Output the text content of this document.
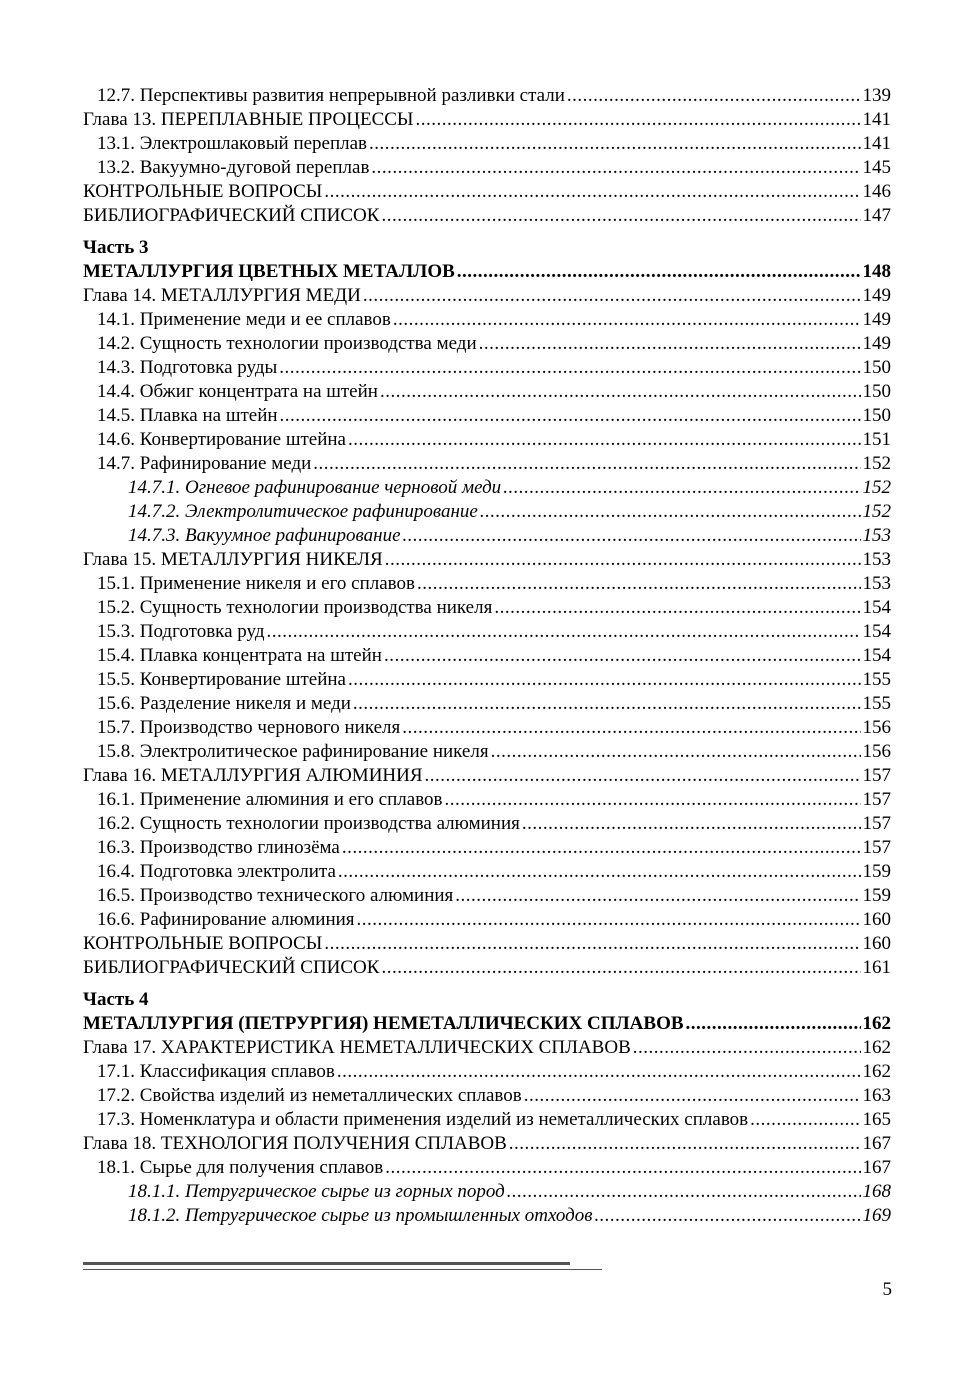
12.7. Перспективы развития непрерывной разливки стали .....	139
Глава 13. ПЕРЕПЛАВНЫЕ ПРОЦЕССЫ .....	141
13.1. Электрошлаковый переплав .....	141
13.2. Вакуумно-дуговой переплав .....	145
КОНТРОЛЬНЫЕ ВОПРОСЫ .....	146
БИБЛИОГРАФИЧЕСКИЙ СПИСОК .....	147
Часть 3
МЕТАЛЛУРГИЯ ЦВЕТНЫХ МЕТАЛЛОВ .....	148
Глава 14. МЕТАЛЛУРГИЯ МЕДИ .....	149
14.1. Применение меди и ее сплавов .....	149
14.2. Сущность технологии производства меди .....	149
14.3. Подготовка руды .....	150
14.4. Обжиг концентрата на штейн .....	150
14.5. Плавка на штейн .....	150
14.6. Конвертирование штейна .....	151
14.7. Рафинирование меди .....	152
14.7.1. Огневое рафинирование черновой меди .....	152
14.7.2. Электролитическое рафинирование .....	152
14.7.3. Вакуумное рафинирование .....	153
Глава 15. МЕТАЛЛУРГИЯ НИКЕЛЯ .....	153
15.1. Применение никеля и его сплавов .....	153
15.2. Сущность технологии производства никеля .....	154
15.3. Подготовка руд .....	154
15.4. Плавка концентрата на штейн .....	154
15.5. Конвертирование штейна .....	155
15.6. Разделение никеля и меди .....	155
15.7. Производство чернового никеля .....	156
15.8. Электролитическое рафинирование никеля .....	156
Глава 16. МЕТАЛЛУРГИЯ АЛЮМИНИЯ .....	157
16.1. Применение алюминия и его сплавов .....	157
16.2. Сущность технологии производства алюминия .....	157
16.3. Производство глинозёма .....	157
16.4. Подготовка электролита .....	159
16.5. Производство технического алюминия .....	159
16.6. Рафинирование алюминия .....	160
КОНТРОЛЬНЫЕ ВОПРОСЫ .....	160
БИБЛИОГРАФИЧЕСКИЙ СПИСОК .....	161
Часть 4
МЕТАЛЛУРГИЯ (ПЕТРУРГИЯ) НЕМЕТАЛЛИЧЕСКИХ СПЛАВОВ .....	162
Глава 17. ХАРАКТЕРИСТИКА НЕМЕТАЛЛИЧЕСКИХ СПЛАВОВ .....	162
17.1. Классификация сплавов .....	162
17.2. Свойства изделий из неметаллических сплавов .....	163
17.3. Номенклатура и области применения изделий из неметаллических сплавов .....	165
Глава 18. ТЕХНОЛОГИЯ ПОЛУЧЕНИЯ СПЛАВОВ .....	167
18.1. Сырье для получения сплавов .....	167
18.1.1. Петругрическое сырье из горных пород .....	168
18.1.2. Петругрическое сырье из промышленных отходов .....	169
5
